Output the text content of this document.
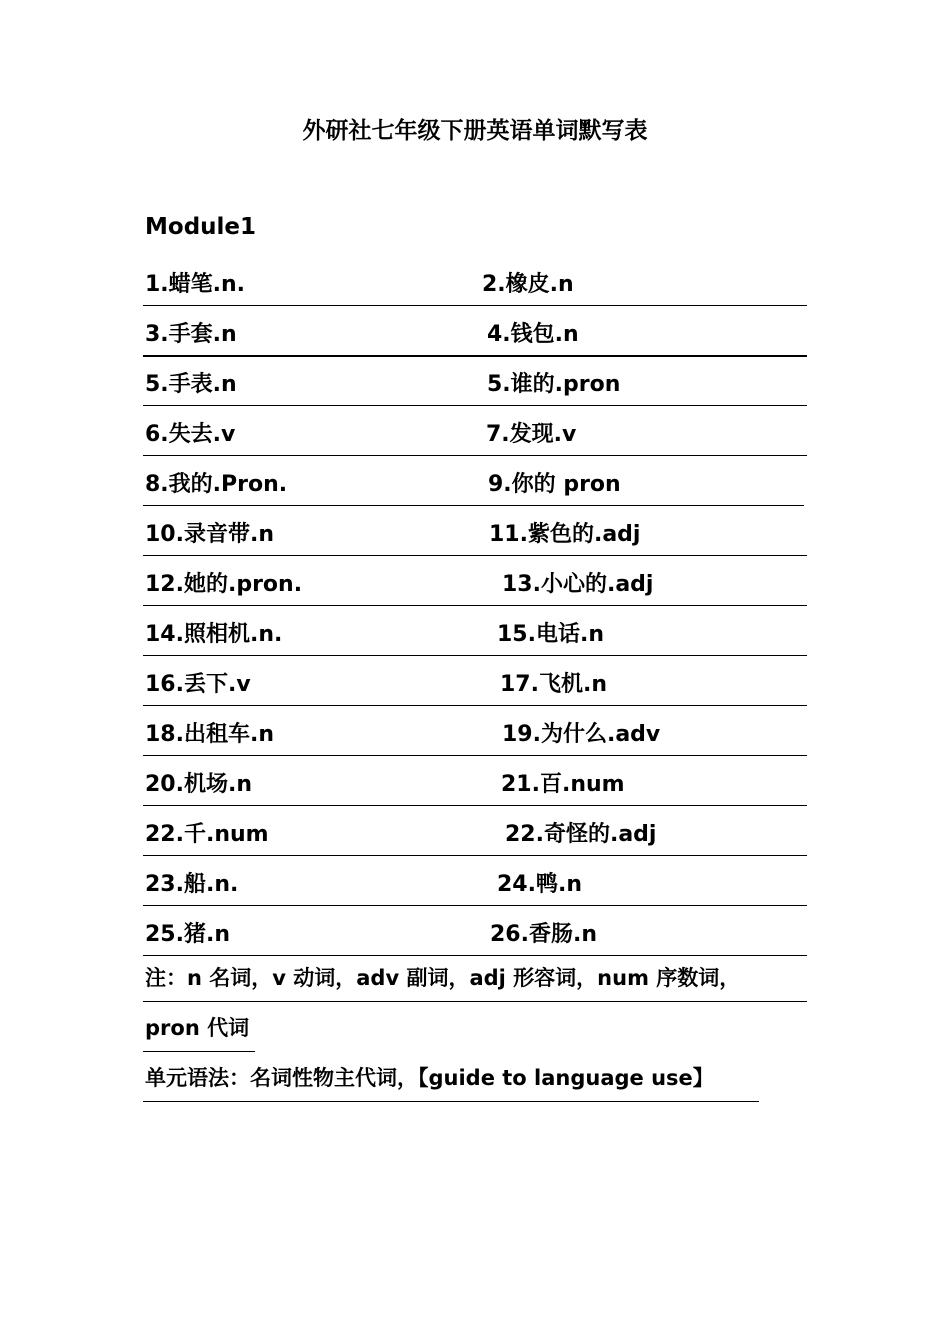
外研社七年级下册英语单词默写表
Module1
1.蜡笔.n.	2.橡皮.n
3.手套.n	4.钱包.n
5.手表.n	5.谁的.pron
6.失去.v	7.发现.v
8.我的.Pron.	9.你的 pron
10.录音带.n	11.紫色的.adj
12.她的.pron.	13.小心的.adj
14.照相机.n.	15.电话.n
16.丢下.v	17.飞机.n
18.出租车.n	19.为什么.adv
20.机场.n	21.百.num
22.千.num	22.奇怪的.adj
23.船.n.	24.鸭.n
25.猪.n	26.香肠.n
注：n 名词，v 动词，adv 副词，adj 形容词，num 序数词，
pron 代词
单元语法：名词性物主代词，【guide to language use】
